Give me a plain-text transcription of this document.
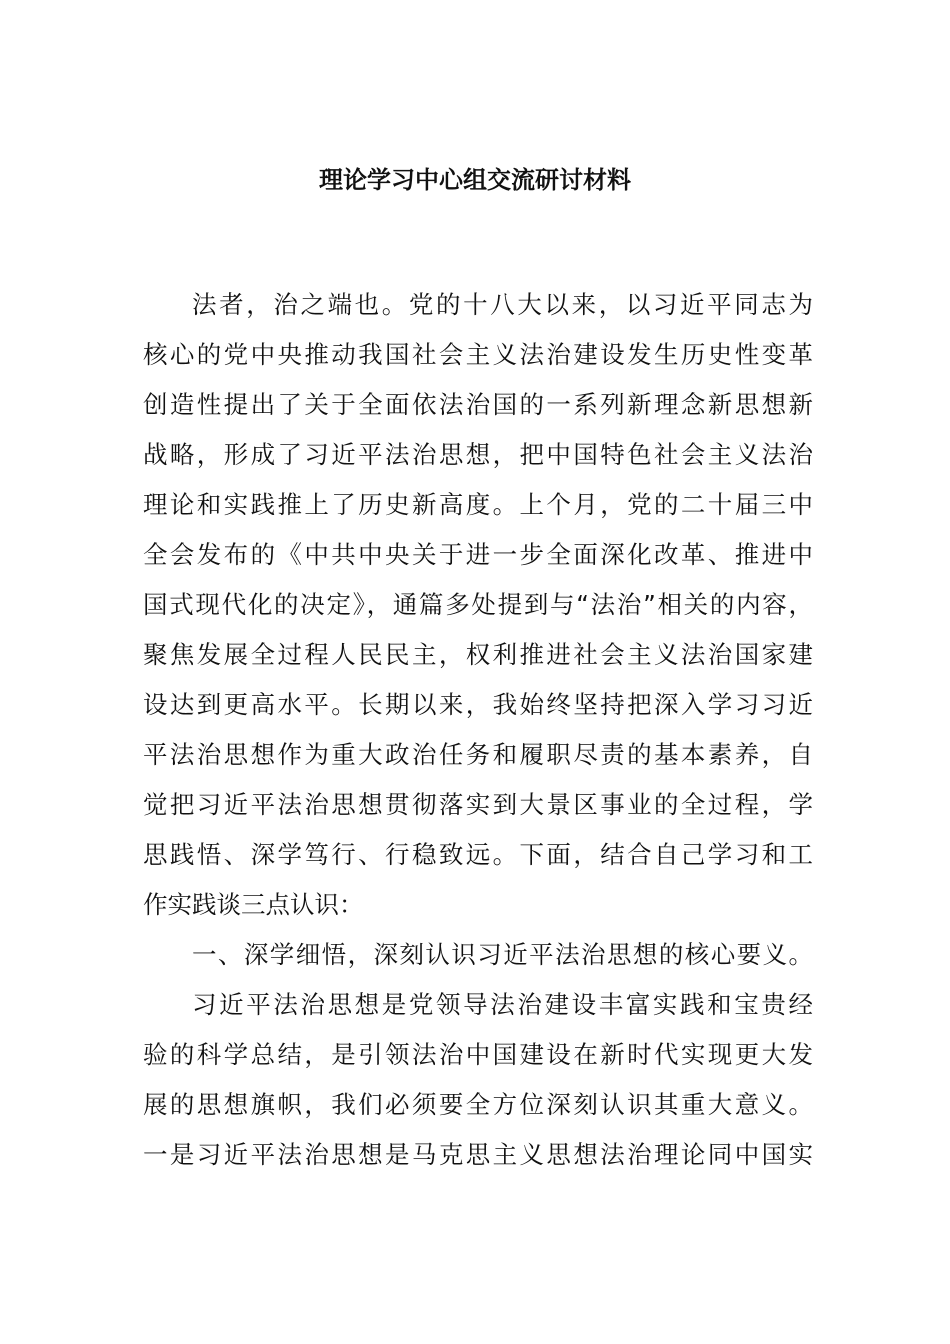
理论学习中心组交流研讨材料
法者，治之端也。党的十八大以来，以习近平同志为
核心的党中央推动我国社会主义法治建设发生历史性变革
创造性提出了关于全面依法治国的一系列新理念新思想新
战略，形成了习近平法治思想，把中国特色社会主义法治
理论和实践推上了历史新高度。上个月，党的二十届三中
全会发布的《中共中央关于进一步全面深化改革、推进中
国式现代化的决定》，通篇多处提到与“法治”相关的内容，
聚焦发展全过程人民民主，权利推进社会主义法治国家建
设达到更高水平。长期以来，我始终坚持把深入学习习近
平法治思想作为重大政治任务和履职尽责的基本素养，自
觉把习近平法治思想贯彻落实到大景区事业的全过程，学
思践悟、深学笃行、行稳致远。下面，结合自己学习和工
作实践谈三点认识：
一、深学细悟，深刻认识习近平法治思想的核心要义。
习近平法治思想是党领导法治建设丰富实践和宝贵经
验的科学总结，是引领法治中国建设在新时代实现更大发
展的思想旗帜，我们必须要全方位深刻认识其重大意义。
一是习近平法治思想是马克思主义思想法治理论同中国实
